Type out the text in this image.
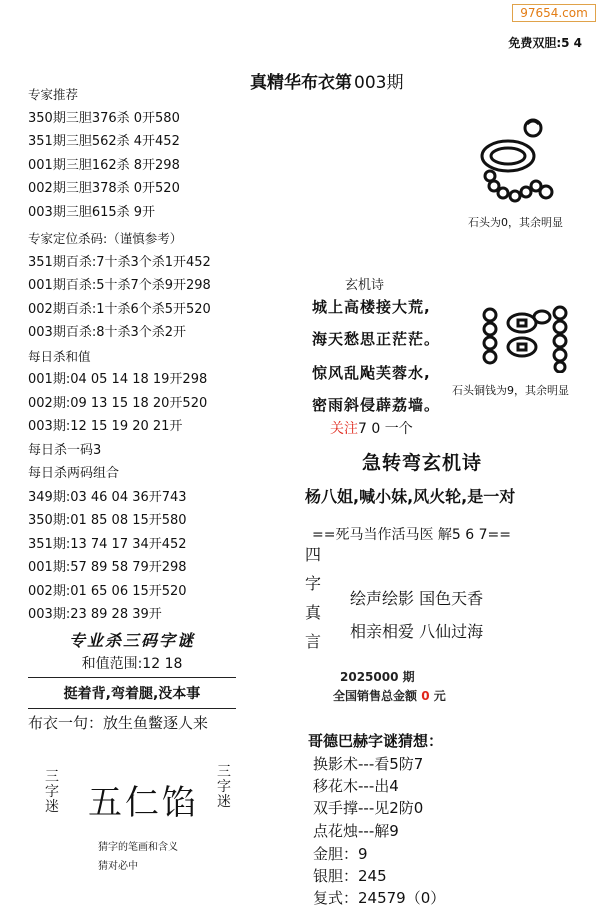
97654.com
免费双胆:5 4
真精华布衣第 003期
专家推荐
350期三胆376杀 0开580
351期三胆562杀 4开452
001期三胆162杀 8开298
002期三胆378杀 0开520
003期三胆615杀 9开
专家定位杀码:（谨慎参考）
351期百杀:7十杀3个杀1开452
001期百杀:5十杀7个杀9开298
002期百杀:1十杀6个杀5开520
003期百杀:8十杀3个杀2开
每日杀和值
001期:04 05 14 18 19开298
002期:09 13 15 18 20开520
003期:12 15 19 20 21开
每日杀一码3
每日杀两码组合
349期:03 46 04 36开743
350期:01 85 08 15开580
351期:13 74 17 34开452
001期:57 89 58 79开298
002期:01 65 06 15开520
003期:23 89 28 39开
专业杀三码字谜
和值范围:12 18
挺着背,弯着腿,没本事
布衣一句：放生鱼鳖逐人来
三字迷 五仁馅
三字迷
猜字的笔画和含义
猜对必中
石头为0，其余明显
石头铜钱为9，其余明显
玄机诗
城上高楼接大荒,
海天愁思正茫茫。
惊风乱飐芙蓉水,
密雨斜侵薜荔墙。
关注7 0 一个
急转弯玄机诗
杨八姐,喊小妹,风火轮,是一对
==死马当作活马医 解5 6 7==
四
字
真
言
绘声绘影 国色天香
相亲相爱 八仙过海
2025000 期
全国销售总金额 0 元
哥德巴赫字谜猜想：
换影术---看5防7
移花木---出4
双手撑---见2防0
点花烛---解9
金胆：9
银胆：245
复式：24579（0）
